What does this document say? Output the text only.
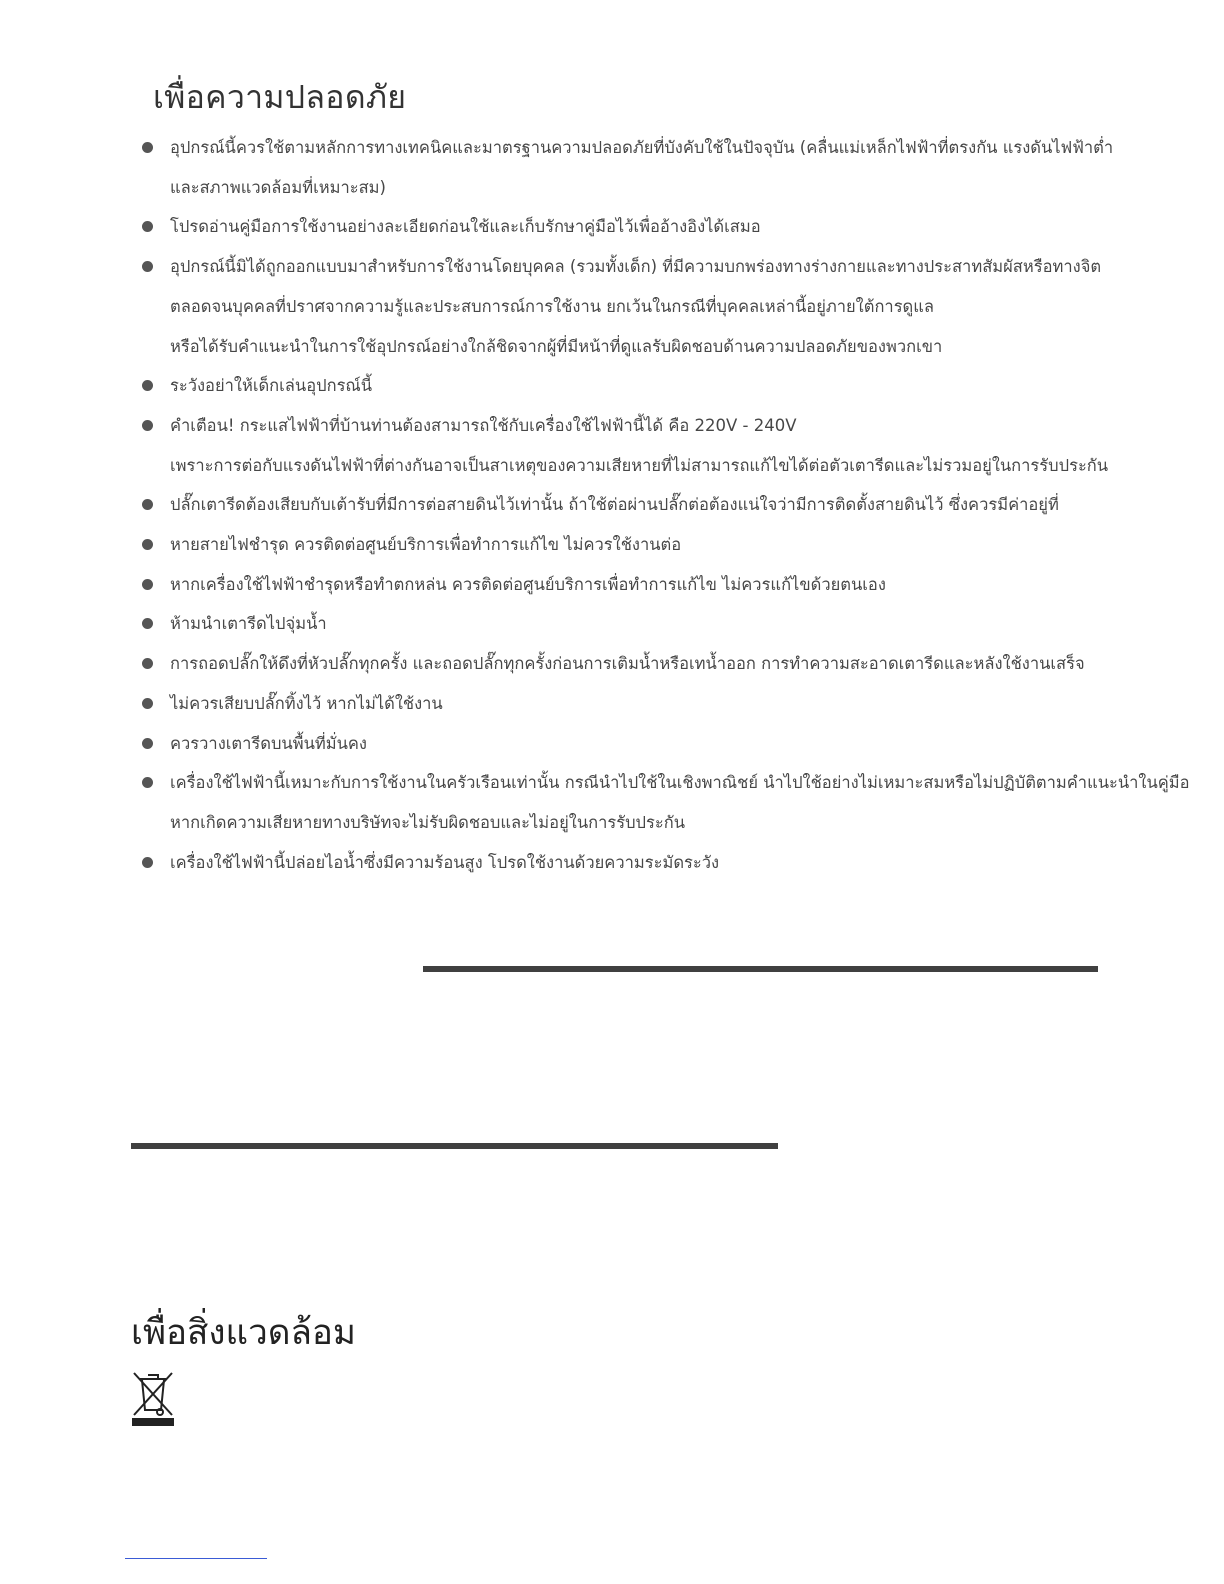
เพื่อความปลอดภัย
อุปกรณ์นี้ควรใช้ตามหลักการทางเทคนิคและมาตรฐานความปลอดภัยที่บังคับใช้ในปัจจุบัน (คลื่นแม่เหล็กไฟฟ้าที่ตรงกัน แรงดันไฟฟ้าต่ำ
และสภาพแวดล้อมที่เหมาะสม)
โปรดอ่านคู่มือการใช้งานอย่างละเอียดก่อนใช้และเก็บรักษาคู่มือไว้เพื่ออ้างอิงได้เสมอ
อุปกรณ์นี้มิได้ถูกออกแบบมาสำหรับการใช้งานโดยบุคคล (รวมทั้งเด็ก) ที่มีความบกพร่องทางร่างกายและทางประสาทสัมผัสหรือทางจิต
ตลอดจนบุคคลที่ปราศจากความรู้และประสบการณ์การใช้งาน ยกเว้นในกรณีที่บุคคลเหล่านี้อยู่ภายใต้การดูแล
หรือได้รับคำแนะนำในการใช้อุปกรณ์อย่างใกล้ชิดจากผู้ที่มีหน้าที่ดูแลรับผิดชอบด้านความปลอดภัยของพวกเขา
ระวังอย่าให้เด็กเล่นอุปกรณ์นี้
คำเตือน! กระแสไฟฟ้าที่บ้านท่านต้องสามารถใช้กับเครื่องใช้ไฟฟ้านี้ได้ คือ 220V - 240V
เพราะการต่อกับแรงดันไฟฟ้าที่ต่างกันอาจเป็นสาเหตุของความเสียหายที่ไม่สามารถแก้ไขได้ต่อตัวเตารีดและไม่รวมอยู่ในการรับประกัน
ปลั๊กเตารีดต้องเสียบกับเต้ารับที่มีการต่อสายดินไว้เท่านั้น ถ้าใช้ต่อผ่านปลั๊กต่อต้องแน่ใจว่ามีการติดตั้งสายดินไว้ ซึ่งควรมีค่าอยู่ที่
หายสายไฟชำรุด ควรติดต่อศูนย์บริการเพื่อทำการแก้ไข ไม่ควรใช้งานต่อ
หากเครื่องใช้ไฟฟ้าชำรุดหรือทำตกหล่น ควรติดต่อศูนย์บริการเพื่อทำการแก้ไข ไม่ควรแก้ไขด้วยตนเอง
ห้ามนำเตารีดไปจุ่มน้ำ
การถอดปลั๊กให้ดึงที่หัวปลั๊กทุกครั้ง และถอดปลั๊กทุกครั้งก่อนการเติมน้ำหรือเทน้ำออก การทำความสะอาดเตารีดและหลังใช้งานเสร็จ
ไม่ควรเสียบปลั๊กทิ้งไว้ หากไม่ได้ใช้งาน
ควรวางเตารีดบนพื้นที่มั่นคง
เครื่องใช้ไฟฟ้านี้เหมาะกับการใช้งานในครัวเรือนเท่านั้น กรณีนำไปใช้ในเชิงพาณิชย์ นำไปใช้อย่างไม่เหมาะสมหรือไม่ปฏิบัติตามคำแนะนำในคู่มือ
หากเกิดความเสียหายทางบริษัทจะไม่รับผิดชอบและไม่อยู่ในการรับประกัน
เครื่องใช้ไฟฟ้านี้ปล่อยไอน้ำซึ่งมีความร้อนสูง โปรดใช้งานด้วยความระมัดระวัง
เพื่อสิ่งแวดล้อม
